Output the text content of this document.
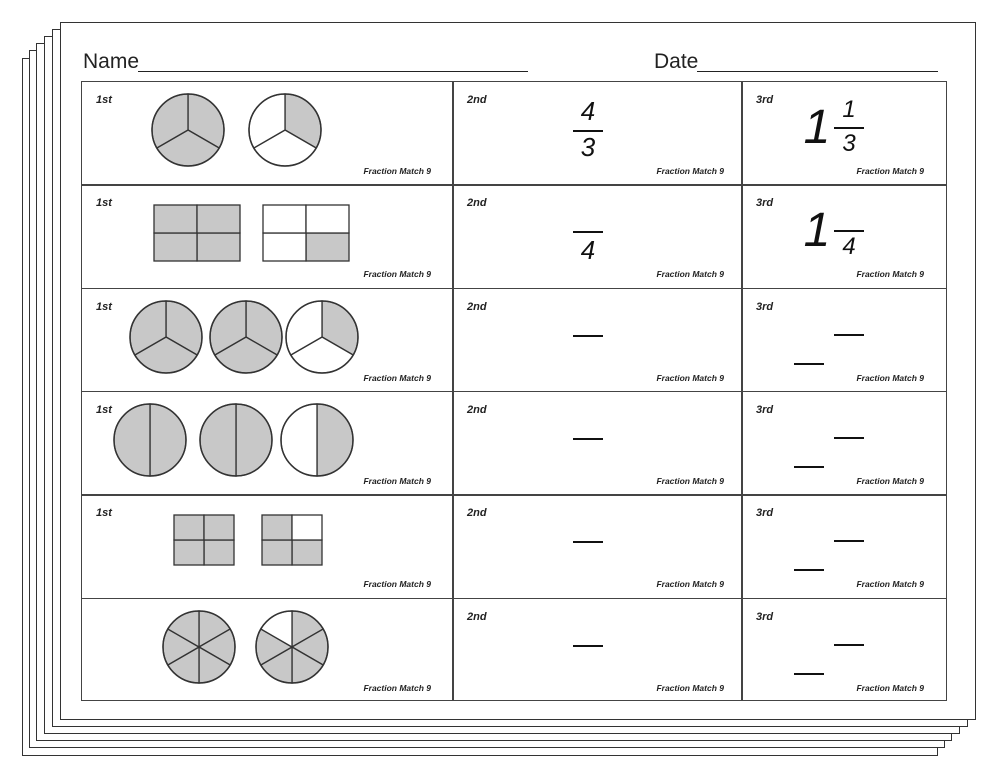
Name	Date
1st
Fraction Match 9
2nd	4
3
Fraction Match 9
3rd
1 1
3
Fraction Match 9
1st
Fraction Match 9
2nd
4
Fraction Match 9
3rd
1 4
Fraction Match 9
1st
Fraction Match 9
2nd
Fraction Match 9
3rd
Fraction Match 9
1st
Fraction Match 9
2nd
Fraction Match 9
3rd
Fraction Match 9
1st
Fraction Match 9
2nd
Fraction Match 9
3rd
Fraction Match 9
Fraction Match 9
2nd
Fraction Match 9
3rd
Fraction Match 9
